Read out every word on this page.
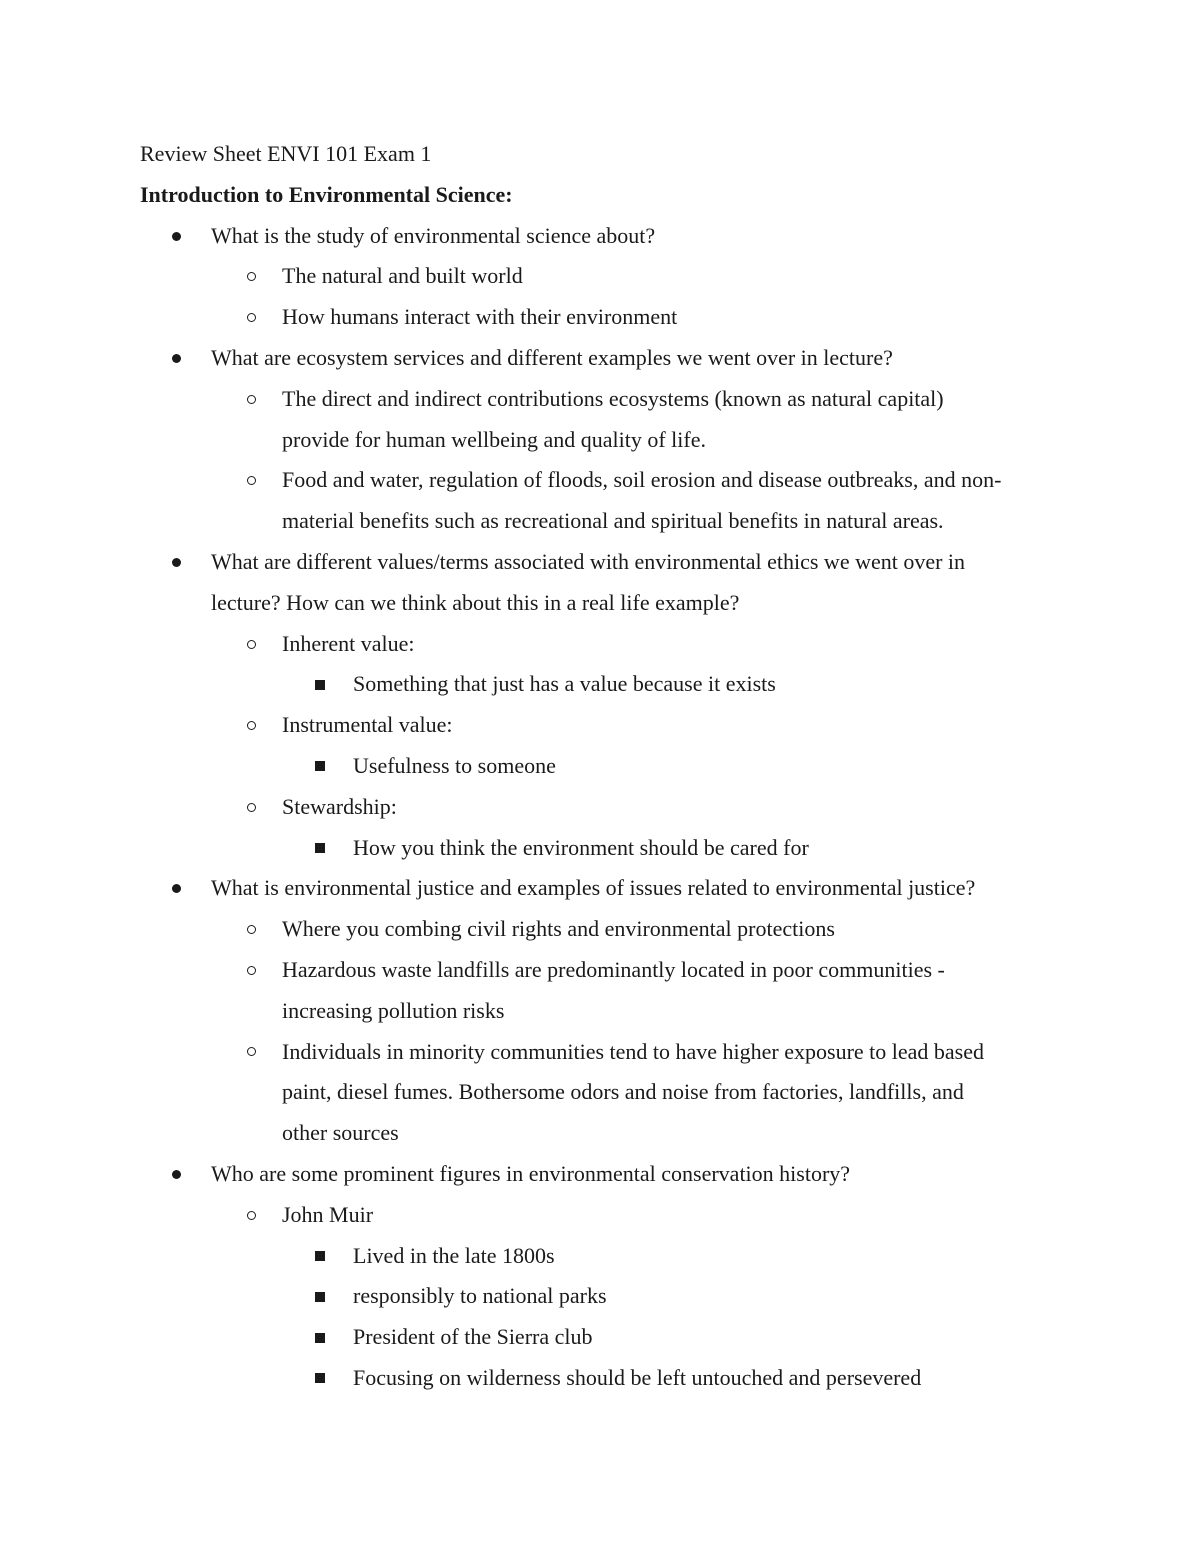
Review Sheet ENVI 101 Exam 1
Introduction to Environmental Science:
What is the study of environmental science about?
The natural and built world
How humans interact with their environment
What are ecosystem services and different examples we went over in lecture?
The direct and indirect contributions ecosystems (known as natural capital)
provide for human wellbeing and quality of life.
Food and water, regulation of floods, soil erosion and disease outbreaks, and non-
material benefits such as recreational and spiritual benefits in natural areas.
What are different values/terms associated with environmental ethics we went over in
lecture? How can we think about this in a real life example?
Inherent value:
Something that just has a value because it exists
Instrumental value:
Usefulness to someone
Stewardship:
How you think the environment should be cared for
What is environmental justice and examples of issues related to environmental justice?
Where you combing civil rights and environmental protections
Hazardous waste landfills are predominantly located in poor communities -
increasing pollution risks
Individuals in minority communities tend to have higher exposure to lead based
paint, diesel fumes. Bothersome odors and noise from factories, landfills, and
other sources
Who are some prominent figures in environmental conservation history?
John Muir
Lived in the late 1800s
responsibly to national parks
President of the Sierra club
Focusing on wilderness should be left untouched and persevered
